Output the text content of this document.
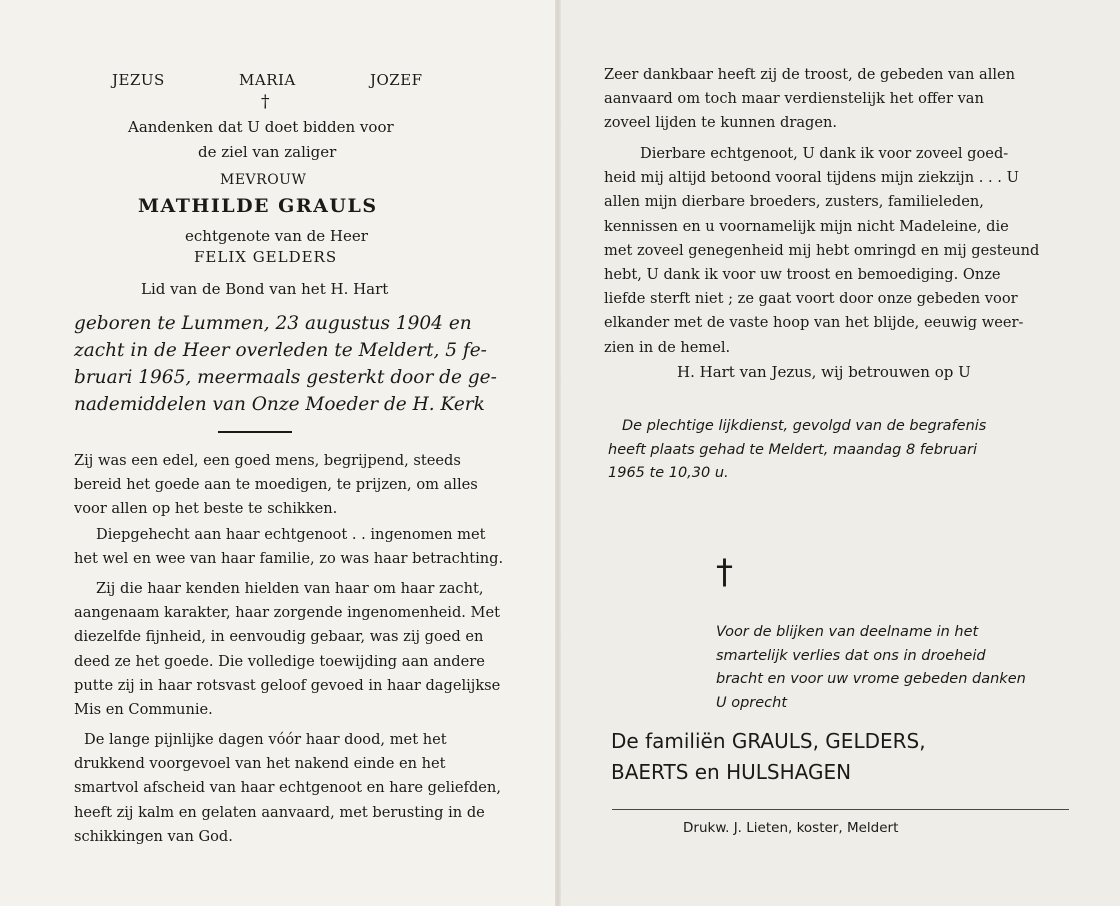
JEZUS	MARIA	JOZEF
†
Aandenken dat U doet bidden voor
de ziel van zaliger
MEVROUW
MATHILDE GRAULS
echtgenote van de Heer
FELIX GELDERS
Lid van de Bond van het H. Hart
geboren te Lummen, 23 augustus 1904 en
zacht in de Heer overleden te Meldert, 5 fe-
bruari 1965, meermaals gesterkt door de ge-
nademiddelen van Onze Moeder de H. Kerk
Zij was een edel, een goed mens, begrijpend, steeds
bereid het goede aan te moedigen, te prijzen, om alles
voor allen op het beste te schikken.
Diepgehecht aan haar echtgenoot . . ingenomen met
het wel en wee van haar familie, zo was haar betrachting.
Zij die haar kenden hielden van haar om haar zacht,
aangenaam karakter, haar zorgende ingenomenheid. Met
diezelfde fijnheid, in eenvoudig gebaar, was zij goed en
deed ze het goede. Die volledige toewijding aan andere
putte zij in haar rotsvast geloof gevoed in haar dagelijkse
Mis en Communie.
De lange pijnlijke dagen vóór haar dood, met het
drukkend voorgevoel van het nakend einde en het
smartvol afscheid van haar echtgenoot en hare geliefden,
heeft zij kalm en gelaten aanvaard, met berusting in de
schikkingen van God.
Zeer dankbaar heeft zij de troost, de gebeden van allen
aanvaard om toch maar verdienstelijk het offer van
zoveel lijden te kunnen dragen.
Dierbare echtgenoot, U dank ik voor zoveel goed-
heid mij altijd betoond vooral tijdens mijn ziekzijn . . . U
allen mijn dierbare broeders, zusters, familieleden,
kennissen en u voornamelijk mijn nicht Madeleine, die
met zoveel genegenheid mij hebt omringd en mij gesteund
hebt, U dank ik voor uw troost en bemoediging. Onze
liefde sterft niet ; ze gaat voort door onze gebeden voor
elkander met de vaste hoop van het blijde, eeuwig weer-
zien in de hemel.
H. Hart van Jezus, wij betrouwen op U
De plechtige lijkdienst, gevolgd van de begrafenis
heeft plaats gehad te Meldert, maandag 8 februari
1965 te 10,30 u.
†
Voor de blijken van deelname in het
smartelijk verlies dat ons in droeheid
bracht en voor uw vrome gebeden danken
U oprecht
De familiën GRAULS, GELDERS,
BAERTS en HULSHAGEN
Drukw. J. Lieten, koster, Meldert
